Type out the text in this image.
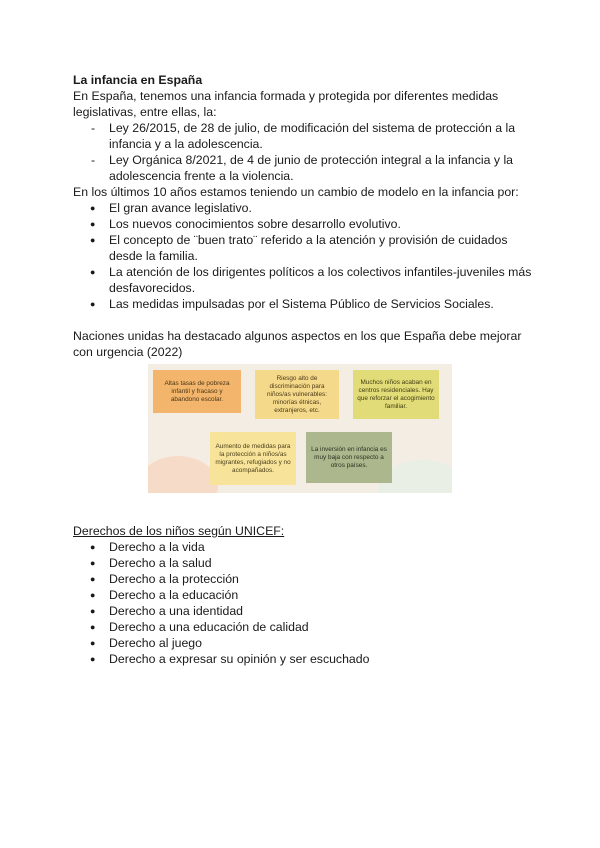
La infancia en España

En España, tenemos una infancia formada y protegida por diferentes medidas legislativas, entre ellas, la:

- Ley 26/2015, de 28 de julio, de modificación del sistema de protección a la infancia y a la adolescencia.
- Ley Orgánica 8/2021, de 4 de junio de protección integral a la infancia y la adolescencia frente a la violencia.

En los últimos 10 años estamos teniendo un cambio de modelo en la infancia por:

● El gran avance legislativo.
● Los nuevos conocimientos sobre desarrollo evolutivo.
● El concepto de ¨buen trato¨ referido a la atención y provisión de cuidados desde la familia.
● La atención de los dirigentes políticos a los colectivos infantiles-juveniles más desfavorecidos.
● Las medidas impulsadas por el Sistema Público de Servicios Sociales.

Naciones unidas ha destacado algunos aspectos en los que España debe mejorar con urgencia (2022)

Altas tasas de pobreza infantil y fracaso y abandono escolar.
Riesgo alto de discriminación para niños/as vulnerables: minorías étnicas, extranjeros, etc.
Muchos niños acaban en centros residenciales. Hay que reforzar el acogimiento familiar.
Aumento de medidas para la protección a niños/as migrantes, refugiados y no acompañados.
La inversión en infancia es muy baja con respecto a otros países.

Derechos de los niños según UNICEF:

● Derecho a la vida
● Derecho a la salud
● Derecho a la protección
● Derecho a la educación
● Derecho a una identidad
● Derecho a una educación de calidad
● Derecho al juego
● Derecho a expresar su opinión y ser escuchado
